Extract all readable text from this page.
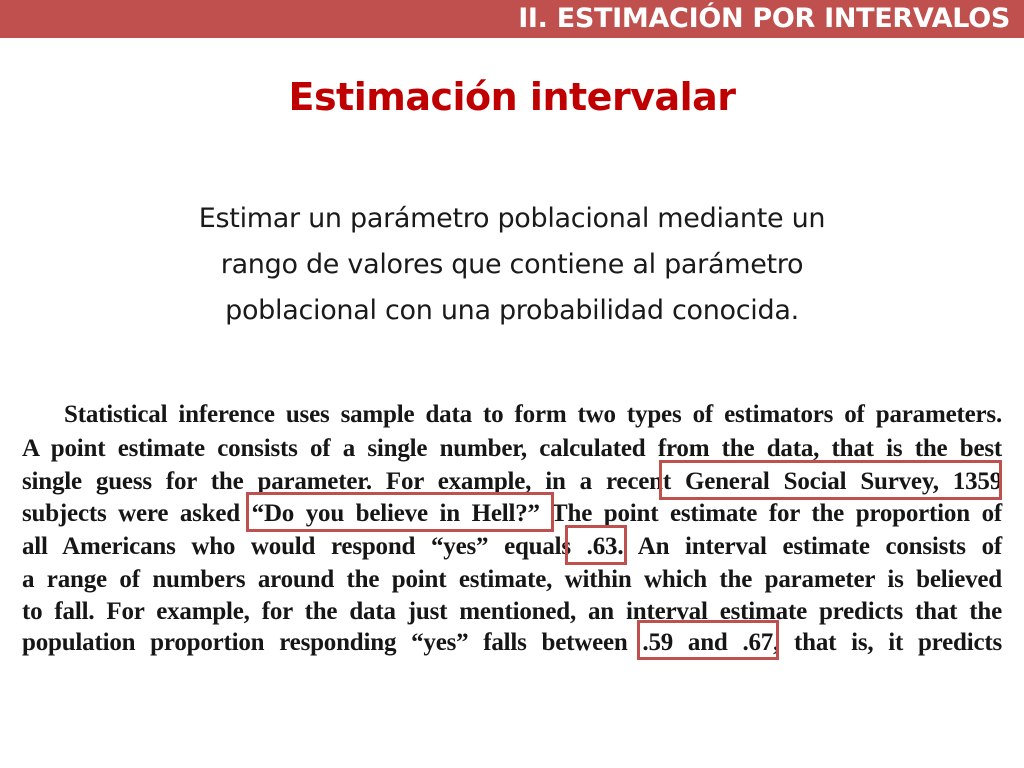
II. ESTIMACIÓN POR INTERVALOS
Estimación intervalar
Estimar un parámetro poblacional mediante un
rango de valores que contiene al parámetro
poblacional con una probabilidad conocida.
Statistical inference uses sample data to form two types of estimators of parameters.
A point estimate consists of a single number, calculated from the data, that is the best
single guess for the parameter. For example, in a recent General Social Survey, 1359
subjects were asked “Do you believe in Hell?” The point estimate for the proportion of
all Americans who would respond “yes” equals .63. An interval estimate consists of
a range of numbers around the point estimate, within which the parameter is believed
to fall. For example, for the data just mentioned, an interval estimate predicts that the
population proportion responding “yes” falls between .59 and .67, that is, it predicts
